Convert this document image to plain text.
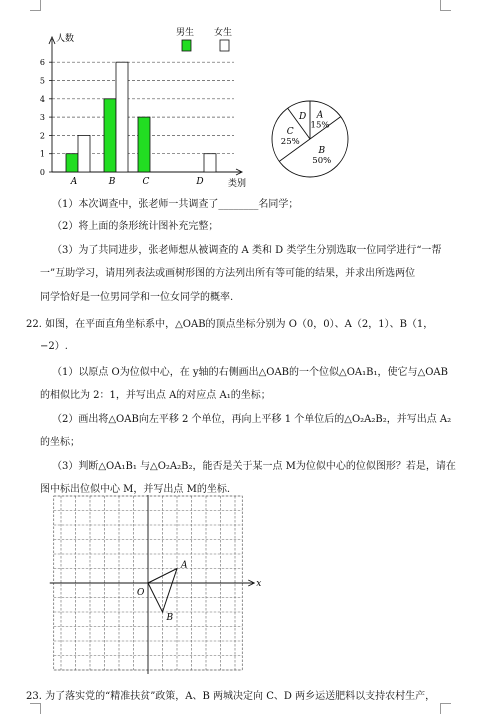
0
1
2
3
4
5
6
人数
类别
A	B	C	D
男生 女生
A
15%
B
50%
C
25%
D
（1）本次调查中，张老师一共调查了________名同学；
（2）将上面的条形统计图补充完整；
（3）为了共同进步，张老师想从被调查的 A 类和 D 类学生分别选取一位同学进行“一帮
一”互助学习，请用列表法或画树形图的方法列出所有等可能的结果，并求出所选两位
同学恰好是一位男同学和一位女同学的概率.
22. 如图，在平面直角坐标系中，△OAB的顶点坐标分别为 O（0，0）、A（2，1）、B（1，
−2）.
（1）以原点 O为位似中心，在 y轴的右侧画出△OAB的一个位似△OA₁B₁，使它与△OAB
的相似比为 2：1，并写出点 A的对应点 A₁的坐标；
（2）画出将△OAB向左平移 2 个单位，再向上平移 1 个单位后的△O₂A₂B₂，并写出点 A₂
的坐标；
（3）判断△OA₁B₁ 与△O₂A₂B₂，能否是关于某一点 M为位似中心的位似图形？若是，请在
图中标出位似中心 M，并写出点 M的坐标.
x
O
A
B
23. 为了落实党的“精准扶贫”政策，A、B 两城决定向 C、D 两乡运送肥料以支持农村生产，
